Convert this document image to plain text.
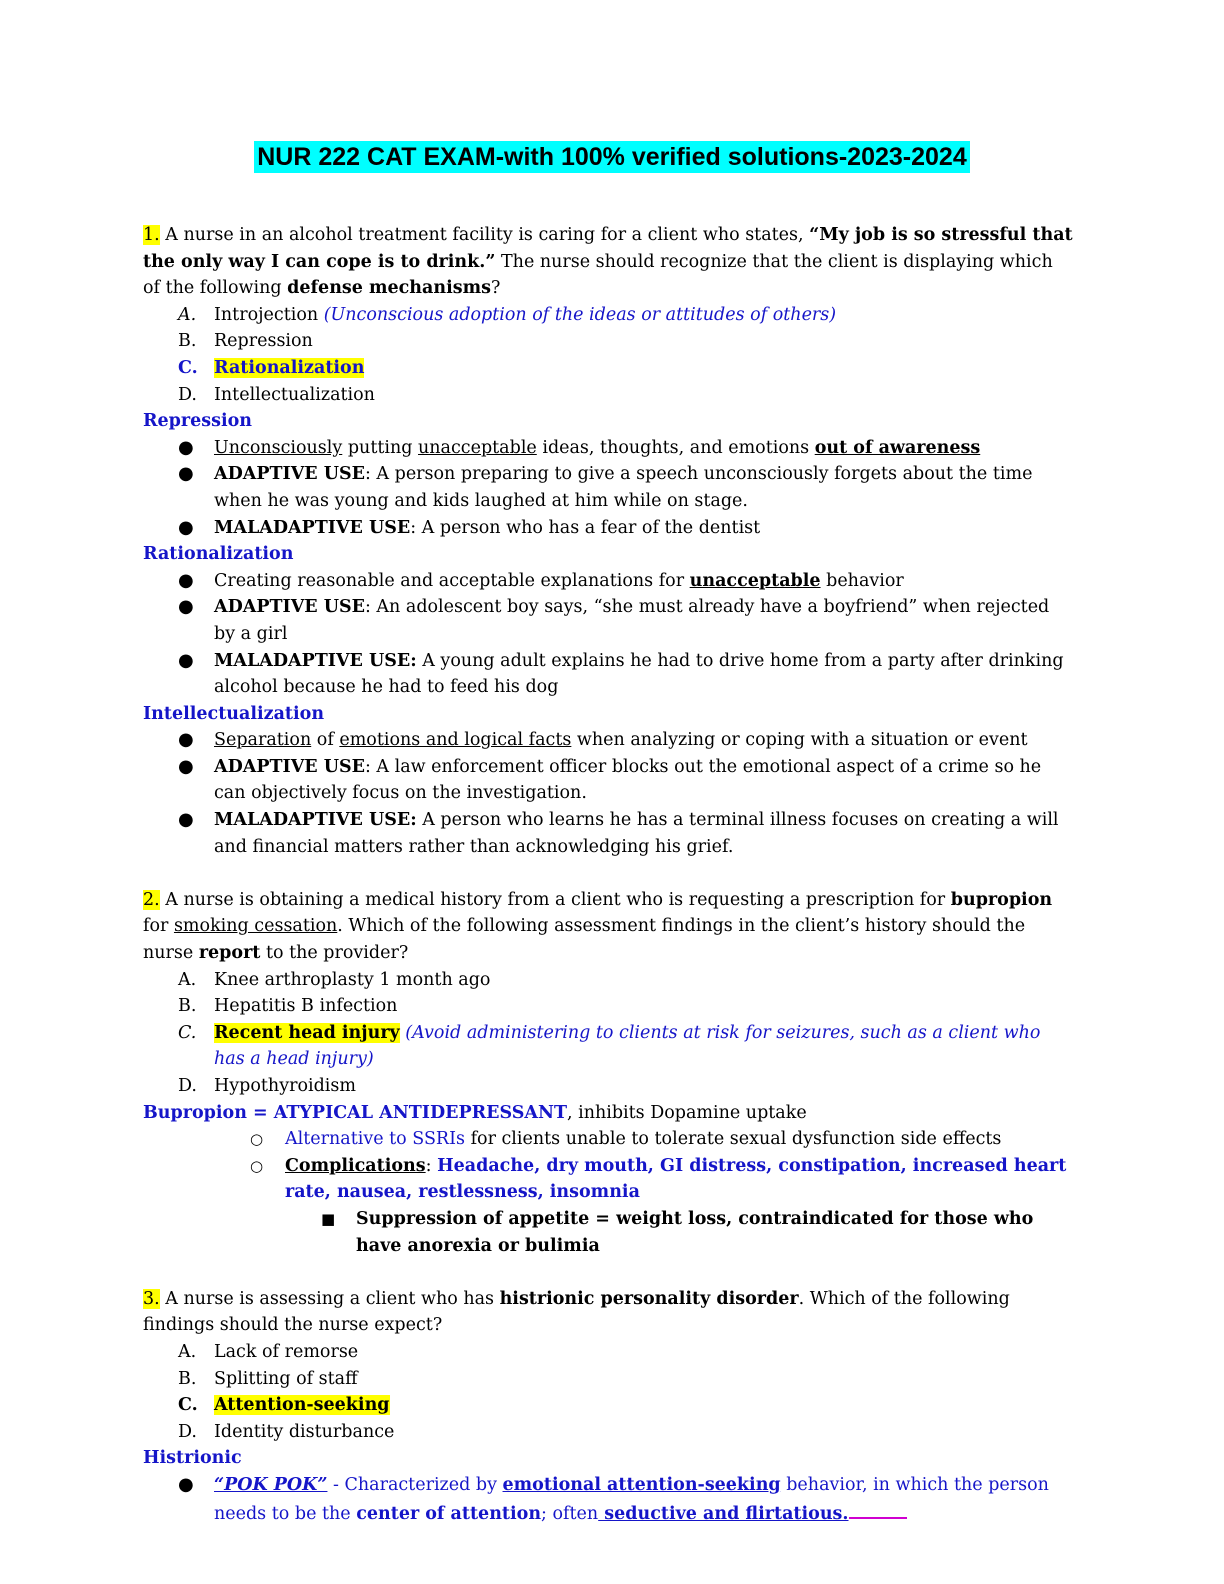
NUR 222 CAT EXAM-with 100% verified solutions-2023-2024
1. A nurse in an alcohol treatment facility is caring for a client who states, “My job is so stressful that the only way I can cope is to drink.” The nurse should recognize that the client is displaying which of the following defense mechanisms?
A.	Introjection (Unconscious adoption of the ideas or attitudes of others)
B.	Repression
C. Rationalization
D. Intellectualization
Repression
●	Unconsciously putting unacceptable ideas, thoughts, and emotions out of awareness
●	ADAPTIVE USE: A person preparing to give a speech unconsciously forgets about the time when he was young and kids laughed at him while on stage.
●	MALADAPTIVE USE: A person who has a fear of the dentist
Rationalization
●	Creating reasonable and acceptable explanations for unacceptable behavior
●	ADAPTIVE USE: An adolescent boy says, “she must already have a boyfriend” when rejected by a girl
●	MALADAPTIVE USE: A young adult explains he had to drive home from a party after drinking alcohol because he had to feed his dog
Intellectualization
●	Separation of emotions and logical facts when analyzing or coping with a situation or event
●	ADAPTIVE USE: A law enforcement officer blocks out the emotional aspect of a crime so he can objectively focus on the investigation.
●	MALADAPTIVE USE: A person who learns he has a terminal illness focuses on creating a will and financial matters rather than acknowledging his grief.
2. A nurse is obtaining a medical history from a client who is requesting a prescription for bupropion for smoking cessation. Which of the following assessment findings in the client’s history should the nurse report to the provider?
A.	Knee arthroplasty 1 month ago
B.	Hepatitis B infection
C.	Recent head injury (Avoid administering to clients at risk for seizures, such as a client who has a head injury)
D. Hypothyroidism
Bupropion = ATYPICAL ANTIDEPRESSANT, inhibits Dopamine uptake
○	Alternative to SSRIs for clients unable to tolerate sexual dysfunction side effects
○	Complications: Headache, dry mouth, GI distress, constipation, increased heart rate, nausea, restlessness, insomnia
■	Suppression of appetite = weight loss, contraindicated for those who have anorexia or bulimia
3. A nurse is assessing a client who has histrionic personality disorder. Which of the following findings should the nurse expect?
A.	Lack of remorse
B.	Splitting of staff
C. Attention-seeking
D. Identity disturbance
Histrionic
●	“POK POK” - Characterized by emotional attention-seeking behavior, in which the person needs to be the center of attention; often seductive and flirtatious.
